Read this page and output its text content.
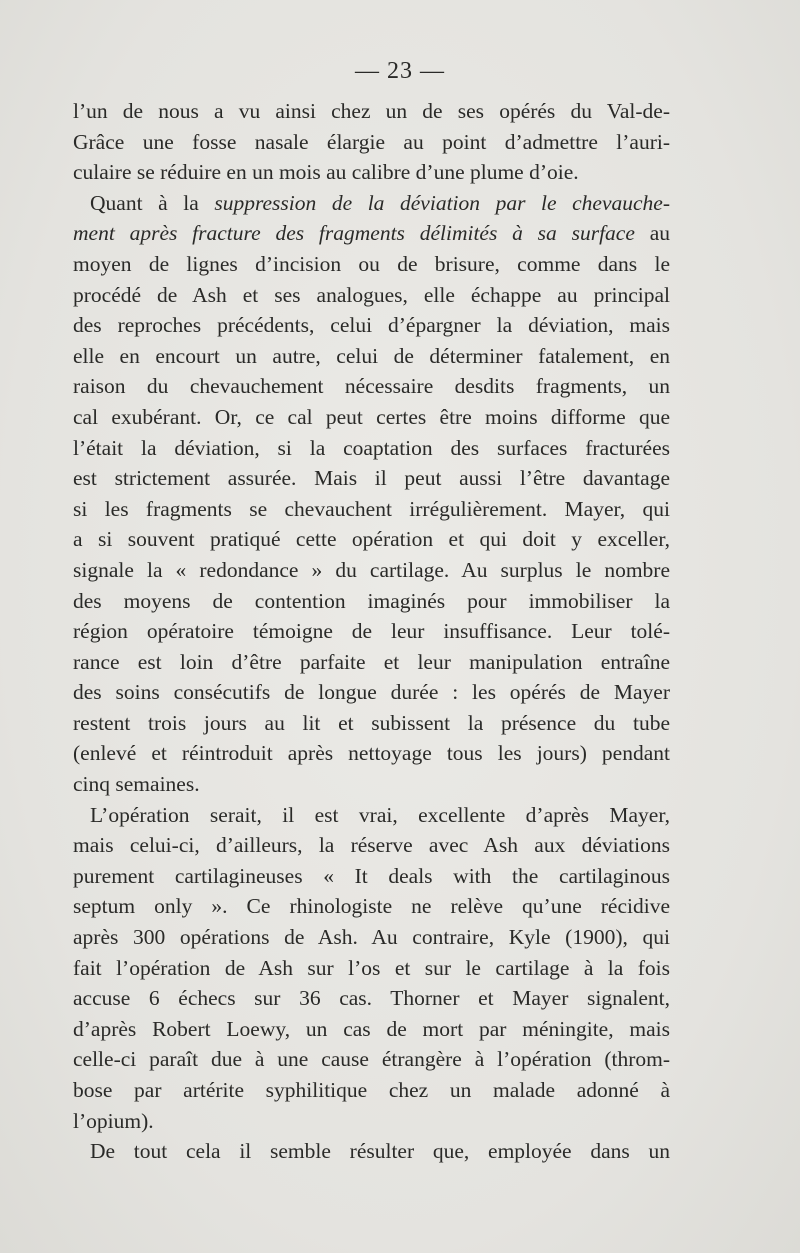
— 23 —
l’un de nous a vu ainsi chez un de ses opérés du Val-de-
Grâce une fosse nasale élargie au point d’admettre l’auri-
culaire se réduire en un mois au calibre d’une plume d’oie.
Quant à la suppression de la déviation par le chevauche-
ment après fracture des fragments délimités à sa surface au
moyen de lignes d’incision ou de brisure, comme dans le
procédé de Ash et ses analogues, elle échappe au principal
des reproches précédents, celui d’épargner la déviation, mais
elle en encourt un autre, celui de déterminer fatalement, en
raison du chevauchement nécessaire desdits fragments, un
cal exubérant. Or, ce cal peut certes être moins difforme que
l’était la déviation, si la coaptation des surfaces fracturées
est strictement assurée. Mais il peut aussi l’être davantage
si les fragments se chevauchent irrégulièrement. Mayer, qui
a si souvent pratiqué cette opération et qui doit y exceller,
signale la « redondance » du cartilage. Au surplus le nombre
des moyens de contention imaginés pour immobiliser la
région opératoire témoigne de leur insuffisance. Leur tolé-
rance est loin d’être parfaite et leur manipulation entraîne
des soins consécutifs de longue durée : les opérés de Mayer
restent trois jours au lit et subissent la présence du tube
(enlevé et réintroduit après nettoyage tous les jours) pendant
cinq semaines.
L’opération serait, il est vrai, excellente d’après Mayer,
mais celui-ci, d’ailleurs, la réserve avec Ash aux déviations
purement cartilagineuses « It deals with the cartilaginous
septum only ». Ce rhinologiste ne relève qu’une récidive
après 300 opérations de Ash. Au contraire, Kyle (1900), qui
fait l’opération de Ash sur l’os et sur le cartilage à la fois
accuse 6 échecs sur 36 cas. Thorner et Mayer signalent,
d’après Robert Loewy, un cas de mort par méningite, mais
celle-ci paraît due à une cause étrangère à l’opération (throm-
bose par artérite syphilitique chez un malade adonné à
l’opium).
De tout cela il semble résulter que, employée dans un
